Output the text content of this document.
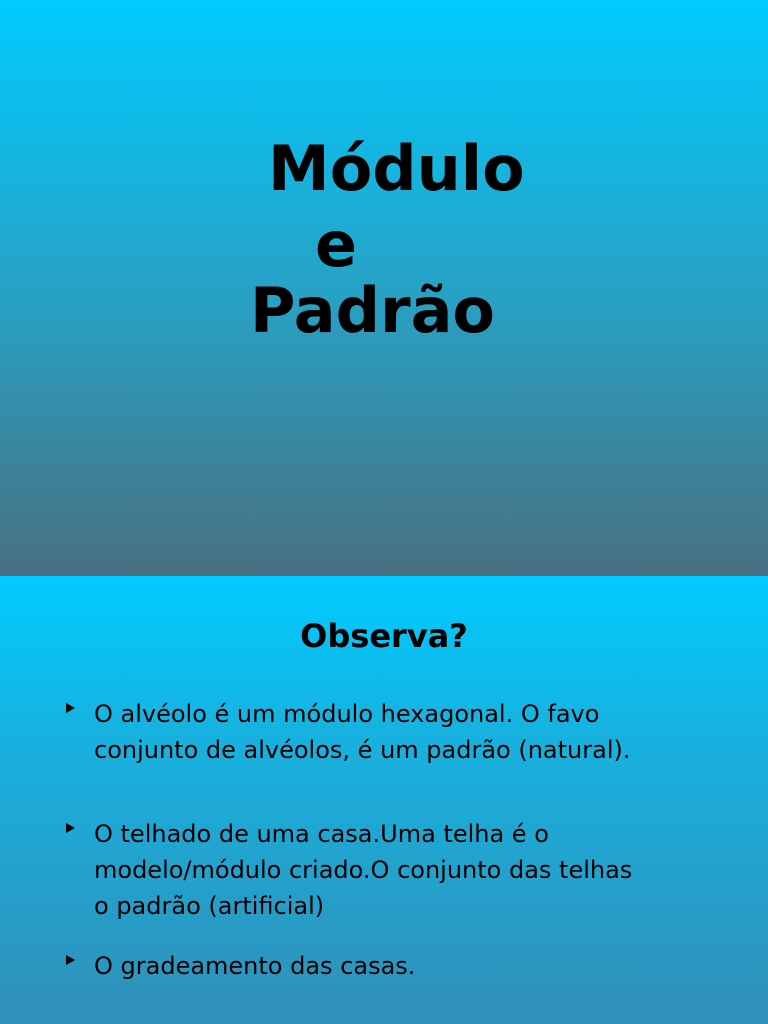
Módulo
e
Padrão
Observa?
O alvéolo é um módulo hexagonal. O favo
conjunto de alvéolos, é um padrão (natural).
O telhado de uma casa.Uma telha é o
modelo/módulo criado.O conjunto das telhas
o padrão (artificial)
O gradeamento das casas.
